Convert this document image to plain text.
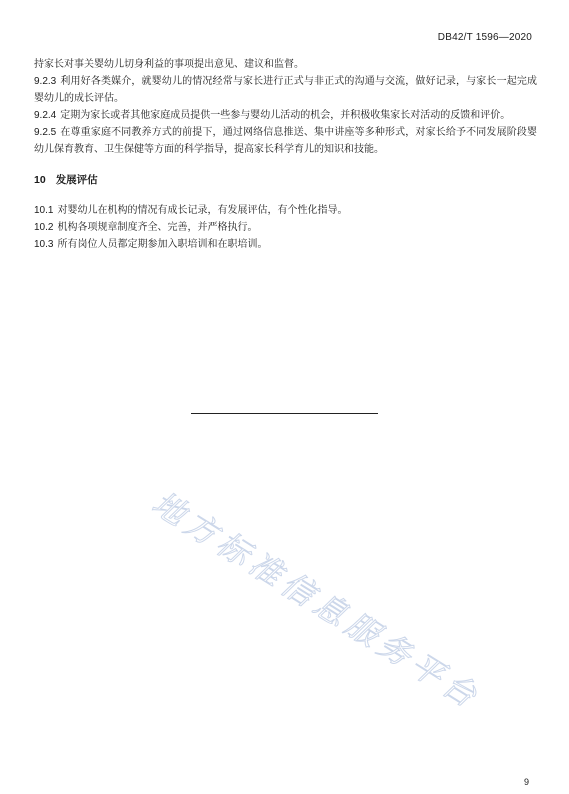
DB42/T 1596—2020

持家长对事关婴幼儿切身利益的事项提出意见、建议和监督。

9.2.3 利用好各类媒介，就婴幼儿的情况经常与家长进行正式与非正式的沟通与交流，做好记录，与家长一起完成婴幼儿的成长评估。

9.2.4 定期为家长或者其他家庭成员提供一些参与婴幼儿活动的机会，并积极收集家长对活动的反馈和评价。

9.2.5 在尊重家庭不同教养方式的前提下，通过网络信息推送、集中讲座等多种形式，对家长给予不同发展阶段婴幼儿保育教育、卫生保健等方面的科学指导，提高家长科学育儿的知识和技能。

10 发展评估

10.1 对婴幼儿在机构的情况有成长记录，有发展评估，有个性化指导。

10.2 机构各项规章制度齐全、完善，并严格执行。

10.3 所有岗位人员都定期参加入职培训和在职培训。

地方标准信息服务平台
9
